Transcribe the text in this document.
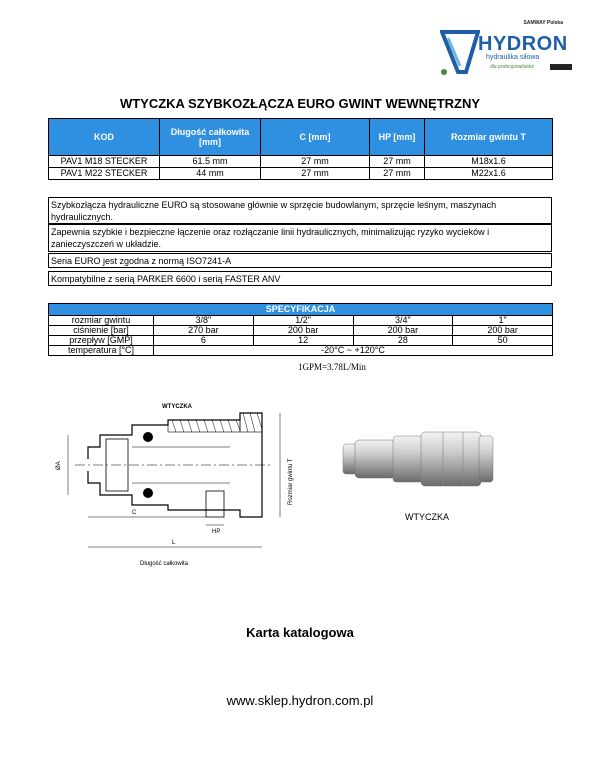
SAMWAY Polska
HYDRON
hydraulika siłowa
dla profesjonalistów
WTYCZKA SZYBKOZŁĄCZA EURO GWINT WEWNĘTRZNY
KOD	Długość całkowita [mm]	C [mm]	HP [mm]	Rozmiar gwintu T
PAV1 M18 STECKER	61.5 mm	27 mm	27 mm	M18x1.6
PAV1 M22 STECKER	44 mm	27 mm	27 mm	M22x1.6
Szybkozłącza hydrauliczne EURO są stosowane głównie w sprzęcie budowlanym, sprzęcie leśnym, maszynach hydraulicznych.
Zapewnia szybkie i bezpieczne łączenie oraz rozłączanie linii hydraulicznych, minimalizując ryzyko wycieków i zanieczyszczeń w układzie.
Seria EURO jest zgodna z normą ISO7241-A
Kompatybilne z serią PARKER 6600 i serią FASTER ANV
SPECYFIKACJA				
rozmiar gwintu	3/8"	1/2"	3/4"	1"
ciśnienie [bar]	270 bar	200 bar	200 bar	200 bar
przepływ [GMP]	6	12	28	50
temperatura [°C]	-20°C ~ +120°C			
1GPM=3.78L/Min
WTYCZKA
ØA	Rozmiar gwintu T
C
HP
L
Długość całkowita
WTYCZKA
Karta katalogowa
www.sklep.hydron.com.pl
